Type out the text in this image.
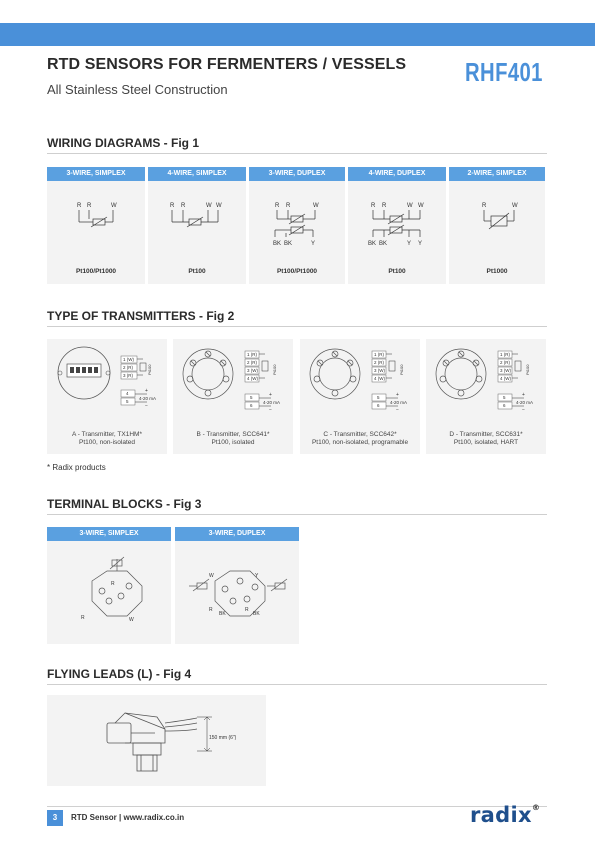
RTD SENSORS FOR FERMENTERS / VESSELS
All Stainless Steel Construction
RHF401
WIRING DIAGRAMS - Fig 1
3-WIRE, SIMPLEX
R R	W
Pt100/Pt1000
4-WIRE, SIMPLEX
R R	W W
Pt100
3-WIRE, DUPLEX
R R	W
BK BK	Y
Pt100/Pt1000
4-WIRE, DUPLEX
R R	W W
BK BK	Y Y
Pt100
2-WIRE, SIMPLEX
R	W
Pt1000
TYPE OF TRANSMITTERS - Fig 2
1 (W)
2 (R)
3 (R)
Pt100
4
5
+
−
4-20 mA
A - Transmitter, TX1HM*
Pt100, non-isolated
1 (R)
2 (R)
3 (W)
4 (W)
Pt100
5
6
+
−
4-20 mA
B - Transmitter, SCC641*
Pt100, isolated
1 (R)
2 (R)
3 (W)
4 (W)
Pt100
5
6
+
−
4-20 mA
C - Transmitter, SCC642*
Pt100, non-isolated, programable
1 (R)
2 (R)
3 (W)
4 (W)
Pt100
5
6
+
−
4-20 mA
D - Transmitter, SCC631*
Pt100, isolated, HART
* Radix products
TERMINAL BLOCKS - Fig 3
3-WIRE, SIMPLEX
R
R	W
3-WIRE, DUPLEX
W	Y
R
BK
R
BK
FLYING LEADS (L) - Fig 4
150 mm (6")
3	RTD Sensor | www.radix.co.in	radix®
